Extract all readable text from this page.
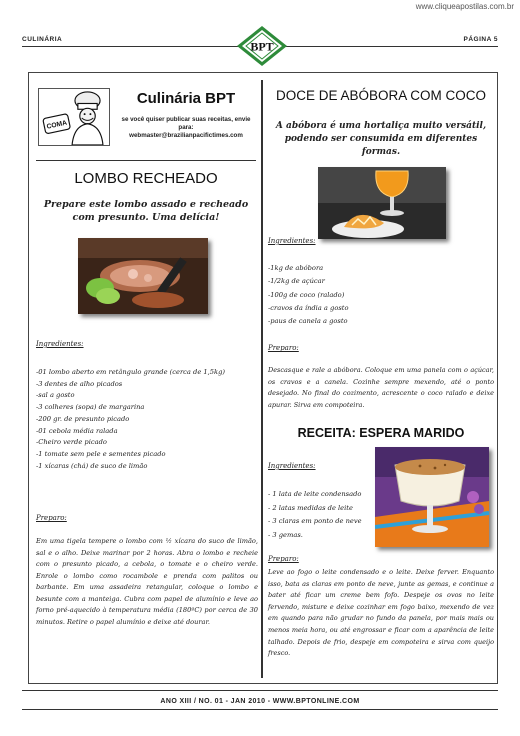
www.cliqueapostilas.com.br
CULINÁRIA	PÁGINA 5
BPT
ANO XIII / NO. 01 - JAN 2010 - WWW.BPTONLINE.COM
COMA
Culinária BPT
se você quiser publicar suas receitas, envie para:
webmaster@brazilianpacifictimes.com
LOMBO RECHEADO
Prepare este lombo assado e recheado com presunto. Uma delícia!
Ingredientes:
-01 lombo aberto em retângulo grande (cerca de 1,5kg)
-3 dentes de alho picados
-sal a gosto
-3 colheres (sopa) de margarina
-200 gr. de presunto picado
-01 cebola média ralada
-Cheiro verde picado
-1 tomate sem pele e sementes picado
-1 xícaras (chá) de suco de limão
Preparo:

Em uma tigela tempere o lombo com ½ xícara do suco de limão, sal e o alho. Deixe marinar por 2 horas. Abra o lombo e recheie com o presunto picado, a cebola, o tomate e o cheiro verde. Enrole o lombo como rocambole e prenda com palitos ou barbante. Em uma assadeira retangular, coloque o lombo e besunte com a manteiga. Cubra com papel de alumínio e leve ao forno pré-aquecido à temperatura média (180ºC) por cerca de 30 minutos. Retire o papel alumínio e deixe até dourar.

DOCE DE ABÓBORA COM COCO
A abóbora é uma hortaliça muito versátil, podendo ser consumida em diferentes formas.
Ingredientes:
-1kg de abóbora
-1/2kg de açúcar
-100g de coco (ralado)
-cravos da índia a gosto
-paus de canela a gosto
Preparo:

Descasque e rale a abóbora. Coloque em uma panela com o açúcar, os cravos e a canela. Cozinhe sempre mexendo, até o ponto desejado. No final do cozimento, acrescente o coco ralado e deixe apurar. Sirva em compoteira.

RECEITA: ESPERA MARIDO
Ingredientes:
- 1 lata de leite condensado
- 2 latas medidas de leite
- 3 claras em ponto de neve
- 3 gemas.
Preparo:

Leve ao fogo o leite condensado e o leite. Deixe ferver. Enquanto isso, bata as claras em ponto de neve, junte as gemas, e continue a bater até ficar um creme bem fofo. Despeje os ovos no leite fervendo, misture e deixe cozinhar em fogo baixo, mexendo de vez em quando para não grudar no fundo da panela, por mais mais ou menos meia hora, ou até engrossar e ficar com a aparência de leite talhado. Depois de frio, despeje em compoteira e sirva com queijo fresco.
